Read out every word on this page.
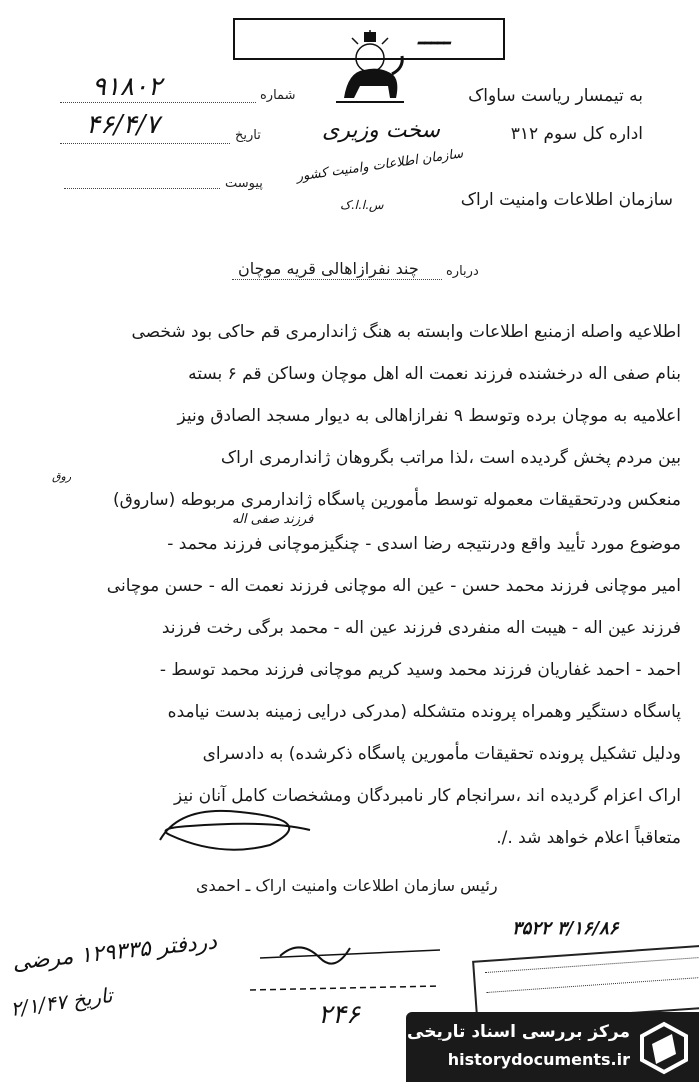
ـــــ
به تیمسار ریاست ساواک
شماره
۹۱۸۰۲
اداره کل سوم ۳۱۲
تاریخ
۴۶/۴/۷	سخت وزیری
سازمان اطلاعات وامنیت کشور
س.ا.ا.ک	سازمان اطلاعات وامنیت اراک
پیوست
درباره
چند نفرازاهالی قریه موچان
اطلاعیه واصله ازمنبع اطلاعات وابسته به هنگ ژاندارمری قم حاکی بود شخصی
بنام صفی اله درخشنده فرزند نعمت اله اهل موچان وساکن قم ۶ بسته
اعلامیه به موچان برده وتوسط ۹ نفرازاهالی به دیوار مسجد الصادق ونیز
بین مردم پخش گردیده است ،لذا مراتب بگروهان ژاندارمری اراک
روق
منعکس ودرتحقیقات معموله توسط مأمورین پاسگاه ژاندارمری مربوطه (ساروق)
فرزند صفی اله
موضوع مورد تأیید واقع ودرنتیجه رضا اسدی - چنگیزموچانی فرزند محمد -
امیر موچانی فرزند محمد حسن - عین اله موچانی فرزند نعمت اله - حسن موچانی
فرزند عین اله - هیبت اله منفردی فرزند عین اله - محمد برگی رخت فرزند
احمد - احمد غفاریان فرزند محمد وسید کریم موچانی فرزند محمد توسط -
پاسگاه دستگیر وهمراه پرونده متشکله (مدرکی درایی زمینه بدست نیامده
ودلیل تشکیل پرونده تحقیقات مأمورین پاسگاه ذکرشده) به دادسرای
اراک اعزام گردیده اند ،سرانجام کار نامبردگان ومشخصات کامل آنان نیز
متعاقباً اعلام خواهد شد ./.
رئیس سازمان اطلاعات وامنیت اراک ـ احمدی
۳/۱۶/۸۶ ۳۵۲۲
دردفتر ۱۲۹۳۳۵ مرضی
تاریخ ۲/۱/۴۷
۲۴۶
مرکز بررسی اسناد تاریخی
historydocuments.ir
